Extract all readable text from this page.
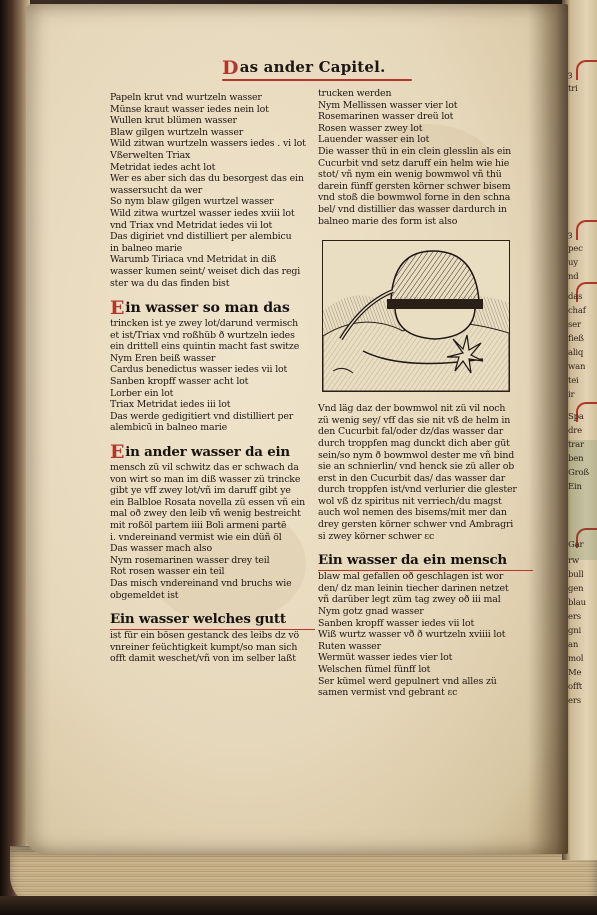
ȝ
tri
ȝ
pec
uy
nd
das
chaf
ser
fieß
aliq
wan
tei
ir
Spa
dre
trar
ben
Groß
Ein
Gar
rw
bull
gen
blau
ers
gni
an
mol
Me
offt
ers
Das ander Capitel.
Papeln krut vnd wurtzeln wasser
Münse kraut wasser iedes nein lot
Wullen krut blümen wasser
Blaw gilgen wurtzeln wasser
Wild zitwan wurtzeln wassers iedes . vi lot
Vßerwelten Triax
Metridat iedes acht lot
Wer es aber sich das du besorgest das ein
wassersucht da wer
So nym blaw gilgen wurtzel wasser
Wild zitwa wurtzel wasser iedes xviii lot
vnd Triax vnd Metridat iedes vii lot
Das digiriet vnd distilliert per alembicu
in balneo marie
Warumb Tiriaca vnd Metridat in diß
wasser kumen seint/ weiset dich das regi
ster wa du das finden bist
Ein wasser so man das
trincken ist ye zwey lot/darund vermisch
et ist/Triax vnd roßhüb ð wurtzeln iedes
ein drittell eins quintin macht fast switze
Nym Eren beiß wasser
Cardus benedictus wasser iedes vii lot
Sanben kropff wasser acht lot
Lorber ein lot
Triax Metridat iedes iii lot
Das werde gedigitiert vnd distilliert per
alembicū in balneo marie
Ein ander wasser da ein
mensch zü vil schwitz das er schwach da
von wirt so man im diß wasser zü trincke
gibt ye vff zwey lot/vñ im daruff gibt ye
ein Balbloe Rosata novella zü essen vñ ein
mal oð zwey den leib vñ wenig bestreicht
mit roßöl partem iiii Boli armeni partē
i. vndereinand vermist wie ein düñ öl
Das wasser mach also
Nym rosemarinen wasser drey teil
Rot rosen wasser ein teil
Das misch vndereinand vnd bruchs wie
obgemeldet ist
Ein wasser welches gutt
ist für ein bösen gestanck des leibs dz vö
vnreiner feüchtigkeit kumpt/so man sich
offt damit weschet/vñ von im selber laßt
trucken werden
Nym Mellissen wasser vier lot
Rosemarinen wasser dreü lot
Rosen wasser zwey lot
Lauender wasser ein lot
Die wasser thü in ein clein glesslin als ein
Cucurbit vnd setz daruff ein helm wie hie
stot/ vñ nym ein wenig bowmwol vñ thü
darein fünff gersten körner schwer bisem
vnd stoß die bowmwol forne in den schna
bel/ vnd distillier das wasser dardurch in
balneo marie des form ist also
Vnd läg daz der bowmwol nit zü vil noch
zü wenig sey/ vff das sie nit vß de helm in
den Cucurbit fal/oder dz/das wasser dar
durch troppfen mag dunckt dich aber gūt
sein/so nym ð bowmwol dester me vñ bind
sie an schnierlin/ vnd henck sie zü aller ob
erst in den Cucurbit das/ das wasser dar
durch troppfen ist/vnd verlurier die glester
wol vß dz spiritus nit verriech/du magst
auch wol nemen des bisems/mit mer dan
drey gersten körner schwer vnd Ambragri
si zwey körner schwer ɛc
Ein wasser da ein mensch
blaw mal gefallen oð geschlagen ist wor
den/ dz man leinin tiecher darinen netzet
vñ darüber legt züm tag zwey oð iii mal
Nym gotz gnad wasser
Sanben kropff wasser iedes vii lot
Wiß wurtz wasser vð ð wurtzeln xviiii lot
Ruten wasser
Wermüt wasser iedes vier lot
Welschen fümel fünff lot
Ser kümel werd gepulnert vnd alles zü
samen vermist vnd gebrant ɛc
